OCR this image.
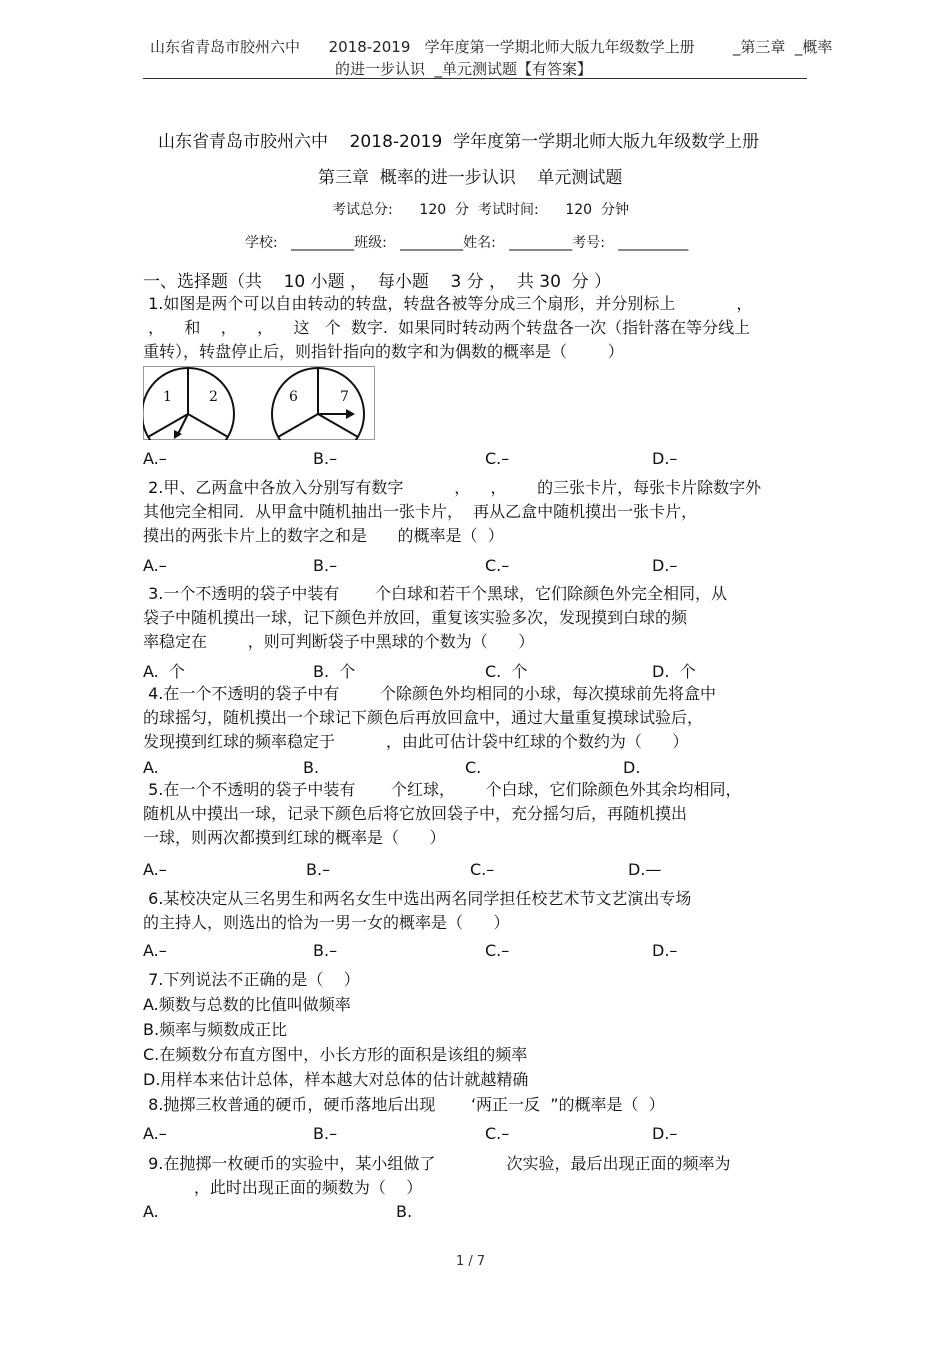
山东省青岛市胶州六中      2018-2019   学年度第一学期北师大版九年级数学上册        _第三章  _概率
的进一步认识  _单元测试题【有答案】
山东省青岛市胶州六中    2018-2019  学年度第一学期北师大版九年级数学上册
第三章  概率的进一步认识    单元测试题
考试总分:      120  分  考试时间:      120  分钟
学校:   _________班级:   _________姓名:   _________考号:   __________
一、选择题（共    10 小题 ，  每小题    3 分 ，  共 30  分 ）
1.如图是两个可以自由转动的转盘，转盘各被等分成三个扇形，并分别标上            ，
，    和    ，    ，    这   个  数字.  如果同时转动两个转盘各一次（指针落在等分线上
重转），转盘停止后，则指针指向的数字和为偶数的概率是（        ）
1	2	6	7
A.–	B.–	C.–	D.–
2.甲、乙两盒中各放入分别写有数字          ，    ，      的三张卡片，每张卡片除数字外
其他完全相同．从甲盒中随机抽出一张卡片，  再从乙盒中随机摸出一张卡片，
摸出的两张卡片上的数字之和是      的概率是（  ）
A.–	B.–	C.–	D.–
3.一个不透明的袋子中装有       个白球和若干个黑球，它们除颜色外完全相同，从
袋子中随机摸出一球，记下颜色并放回，重复该实验多次，发现摸到白球的频
率稳定在        ，则可判断袋子中黑球的个数为（      ）
A.  个	B.  个	C.  个	D.  个
4.在一个不透明的袋子中有        个除颜色外均相同的小球，每次摸球前先将盒中
的球摇匀，随机摸出一个球记下颜色后再放回盒中，通过大量重复摸球试验后，
发现摸到红球的频率稳定于          ，由此可估计袋中红球的个数约为（      ）
A.	B.	C.	D.
5.在一个不透明的袋子中装有       个红球，      个白球，它们除颜色外其余均相同，
随机从中摸出一球，记录下颜色后将它放回袋子中，充分摇匀后，再随机摸出
一球，则两次都摸到红球的概率是（      ）
A.–	B.–	C.–	D.—
6.某校决定从三名男生和两名女生中选出两名同学担任校艺术节文艺演出专场
的主持人，则选出的恰为一男一女的概率是（      ）
A.–	B.–	C.–	D.–
7.下列说法不正确的是（    ）
A.频数与总数的比值叫做频率
B.频率与频数成正比
C.在频数分布直方图中，小长方形的面积是该组的频率
D.用样本来估计总体，样本越大对总体的估计就越精确
8.抛掷三枚普通的硬币，硬币落地后出现       ‘两正一反  ”的概率是（  ）
A.–	B.–	C.–	D.–
9.在抛掷一枚硬币的实验中，某小组做了              次实验，最后出现正面的频率为
，此时出现正面的频数为（    ）
A.	B.
1 / 7
